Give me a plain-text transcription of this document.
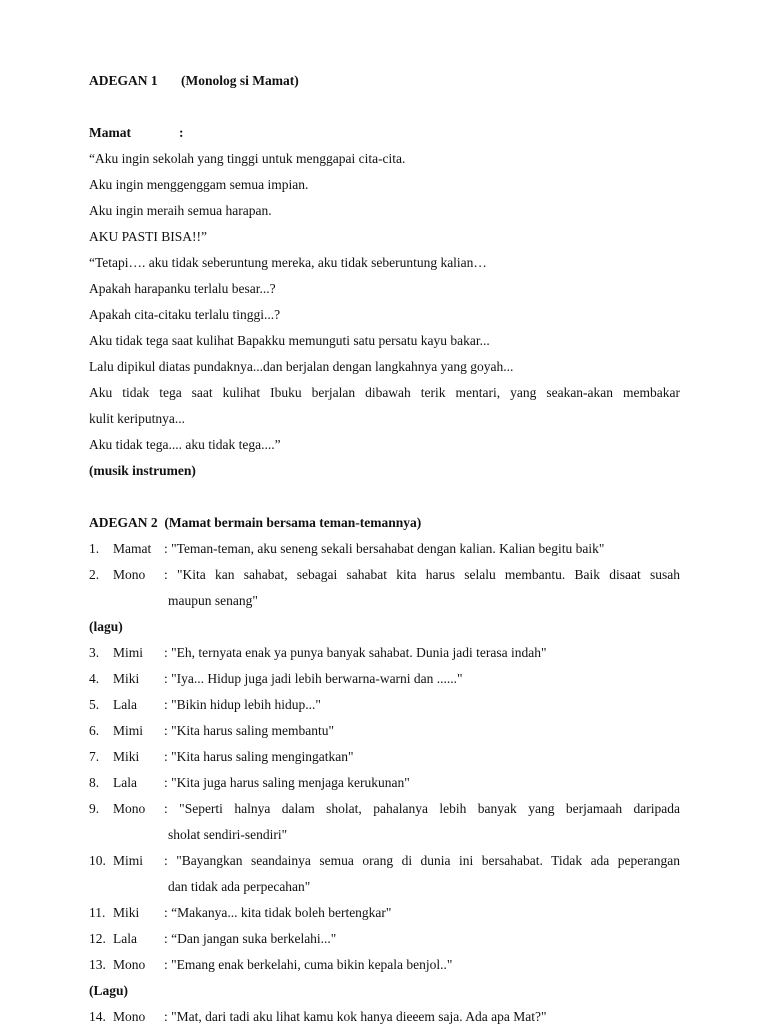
ADEGAN 1 (Monolog si Mamat)
Mamat	:
“Aku ingin sekolah yang tinggi untuk menggapai cita-cita.
Aku ingin menggenggam semua impian.
Aku ingin meraih semua harapan.
AKU PASTI BISA!!”
“Tetapi…. aku tidak seberuntung mereka, aku tidak seberuntung kalian…
Apakah harapanku terlalu besar...?
Apakah cita-citaku terlalu tinggi...?
Aku tidak tega saat kulihat Bapakku memunguti satu persatu kayu bakar...
Lalu dipikul diatas pundaknya...dan berjalan dengan langkahnya yang goyah...
Aku tidak tega saat kulihat Ibuku berjalan dibawah terik mentari, yang seakan-akan membakar
kulit keriputnya...
Aku tidak tega.... aku tidak tega....”
(musik instrumen)
ADEGAN 2 (Mamat bermain bersama teman-temannya)
1.	Mamat : "Teman-teman, aku seneng sekali bersahabat dengan kalian. Kalian begitu baik"
2.	Mono	: "Kita kan sahabat, sebagai sahabat kita harus selalu membantu. Baik disaat susah
maupun senang"
(lagu)
3.	Mimi	: "Eh, ternyata enak ya punya banyak sahabat. Dunia jadi terasa indah"
4.	Miki	: "Iya... Hidup juga jadi lebih berwarna-warni dan ......"
5.	Lala	: "Bikin hidup lebih hidup..."
6.	Mimi	: "Kita harus saling membantu"
7.	Miki	: "Kita harus saling mengingatkan"
8.	Lala	: "Kita juga harus saling menjaga kerukunan"
9.	Mono	: "Seperti halnya dalam sholat, pahalanya lebih banyak yang berjamaah daripada
sholat sendiri-sendiri"
10. Mimi	: "Bayangkan seandainya semua orang di dunia ini bersahabat. Tidak ada peperangan
dan tidak ada perpecahan"
11. Miki	: “Makanya... kita tidak boleh bertengkar"
12. Lala	: “Dan jangan suka berkelahi..."
13. Mono	: "Emang enak berkelahi, cuma bikin kepala benjol.."
(Lagu)
14. Mono	: "Mat, dari tadi aku lihat kamu kok hanya dieeem saja. Ada apa Mat?"
